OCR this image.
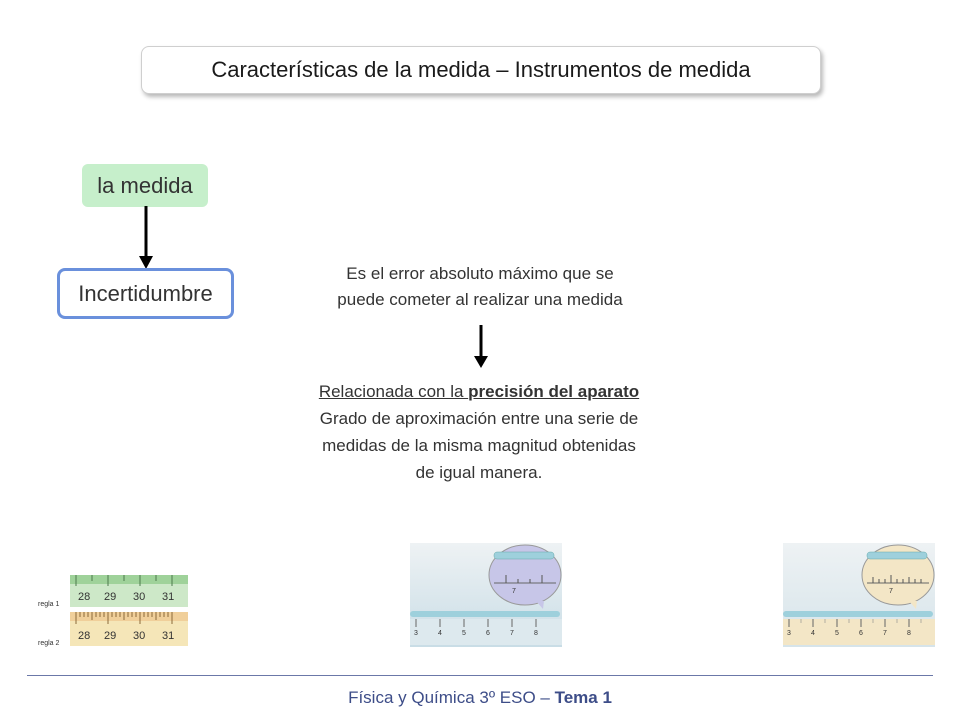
Características de la medida – Instrumentos de medida
la medida
Incertidumbre
Es el error absoluto máximo que se
puede cometer al realizar una medida
Relacionada con la precisión del aparato
Grado de aproximación entre una serie de
medidas de la misma magnitud obtenidas
de igual manera.
28 29 30 31
28 29 30 31
regla 1
regla 2
7
3	4	5	6	7	8
7
3	4	5	6	7	8
Física y Química 3º ESO – Tema 1
